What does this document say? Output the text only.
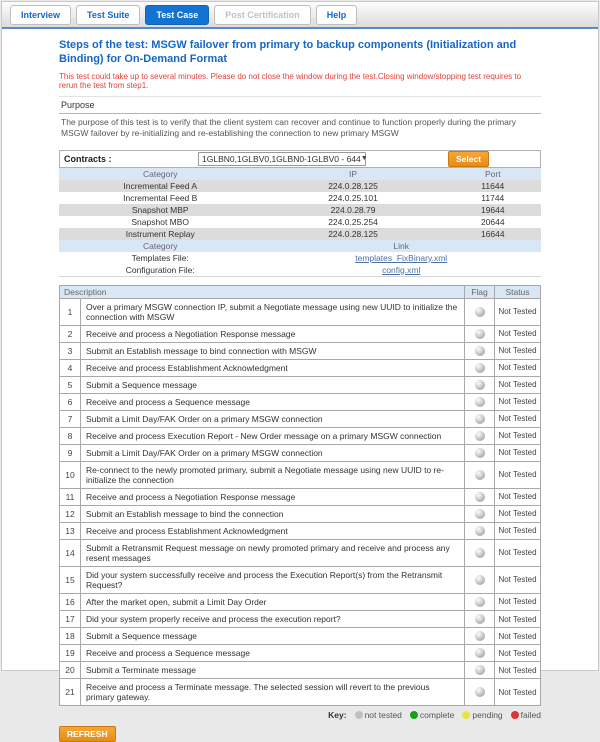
Interview	Test Suite	Test Case	Post Certification	Help
Steps of the test: MSGW failover from primary to backup components (Initialization and Binding) for On-Demand Format
This test could take up to several minutes. Please do not close the window during the test.Closing window/stopping test requires to rerun the test from step1.
Purpose
The purpose of this test is to verify that the client system can recover and continue to function properly during the primary MSGW failover by re-initializing and re-establishing the connection to new primary MSGW
Contracts :	1GLBN0,1GLBV0,1GLBN0-1GLBV0 - 644 ▼	Select
Category	IP	Port
Incremental Feed A	224.0.28.125	11644
Incremental Feed B	224.0.25.101	11744
Snapshot MBP	224.0.28.79	19644
Snapshot MBO	224.0.25.254	20644
Instrument Replay	224.0.28.125	16644
Category	Link	
Templates File:	templates_FixBinary.xml	
Configuration File:	config.xml	
Description		Flag	Status
1	Over a primary MSGW connection IP, submit a Negotiate message using new UUID to initialize the connection with MSGW		Not Tested
2	Receive and process a Negotiation Response message		Not Tested
3	Submit an Establish message to bind connection with MSGW		Not Tested
4	Receive and process Establishment Acknowledgment		Not Tested
5	Submit a Sequence message		Not Tested
6	Receive and process a Sequence message		Not Tested
7	Submit a Limit Day/FAK Order on a primary MSGW connection		Not Tested
8	Receive and process Execution Report - New Order message on a primary MSGW connection		Not Tested
9	Submit a Limit Day/FAK Order on a primary MSGW connection		Not Tested
10	Re-connect to the newly promoted primary, submit a Negotiate message using new UUID to re-initialize the connection		Not Tested
11	Receive and process a Negotiation Response message		Not Tested
12	Submit an Establish message to bind the connection		Not Tested
13	Receive and process Establishment Acknowledgment		Not Tested
14	Submit a Retransmit Request message on newly promoted primary and receive and process any resent messages		Not Tested
15	Did your system successfully receive and process the Execution Report(s) from the Retransmit Request?		Not Tested
16	After the market open, submit a Limit Day Order		Not Tested
17	Did your system properly receive and process the execution report?		Not Tested
18	Submit a Sequence message		Not Tested
19	Receive and process a Sequence message		Not Tested
20	Submit a Terminate message		Not Tested
21	Receive and process a Terminate message. The selected session will revert to the previous primary gateway.		Not Tested
Key: not tested complete pending failed
REFRESH
